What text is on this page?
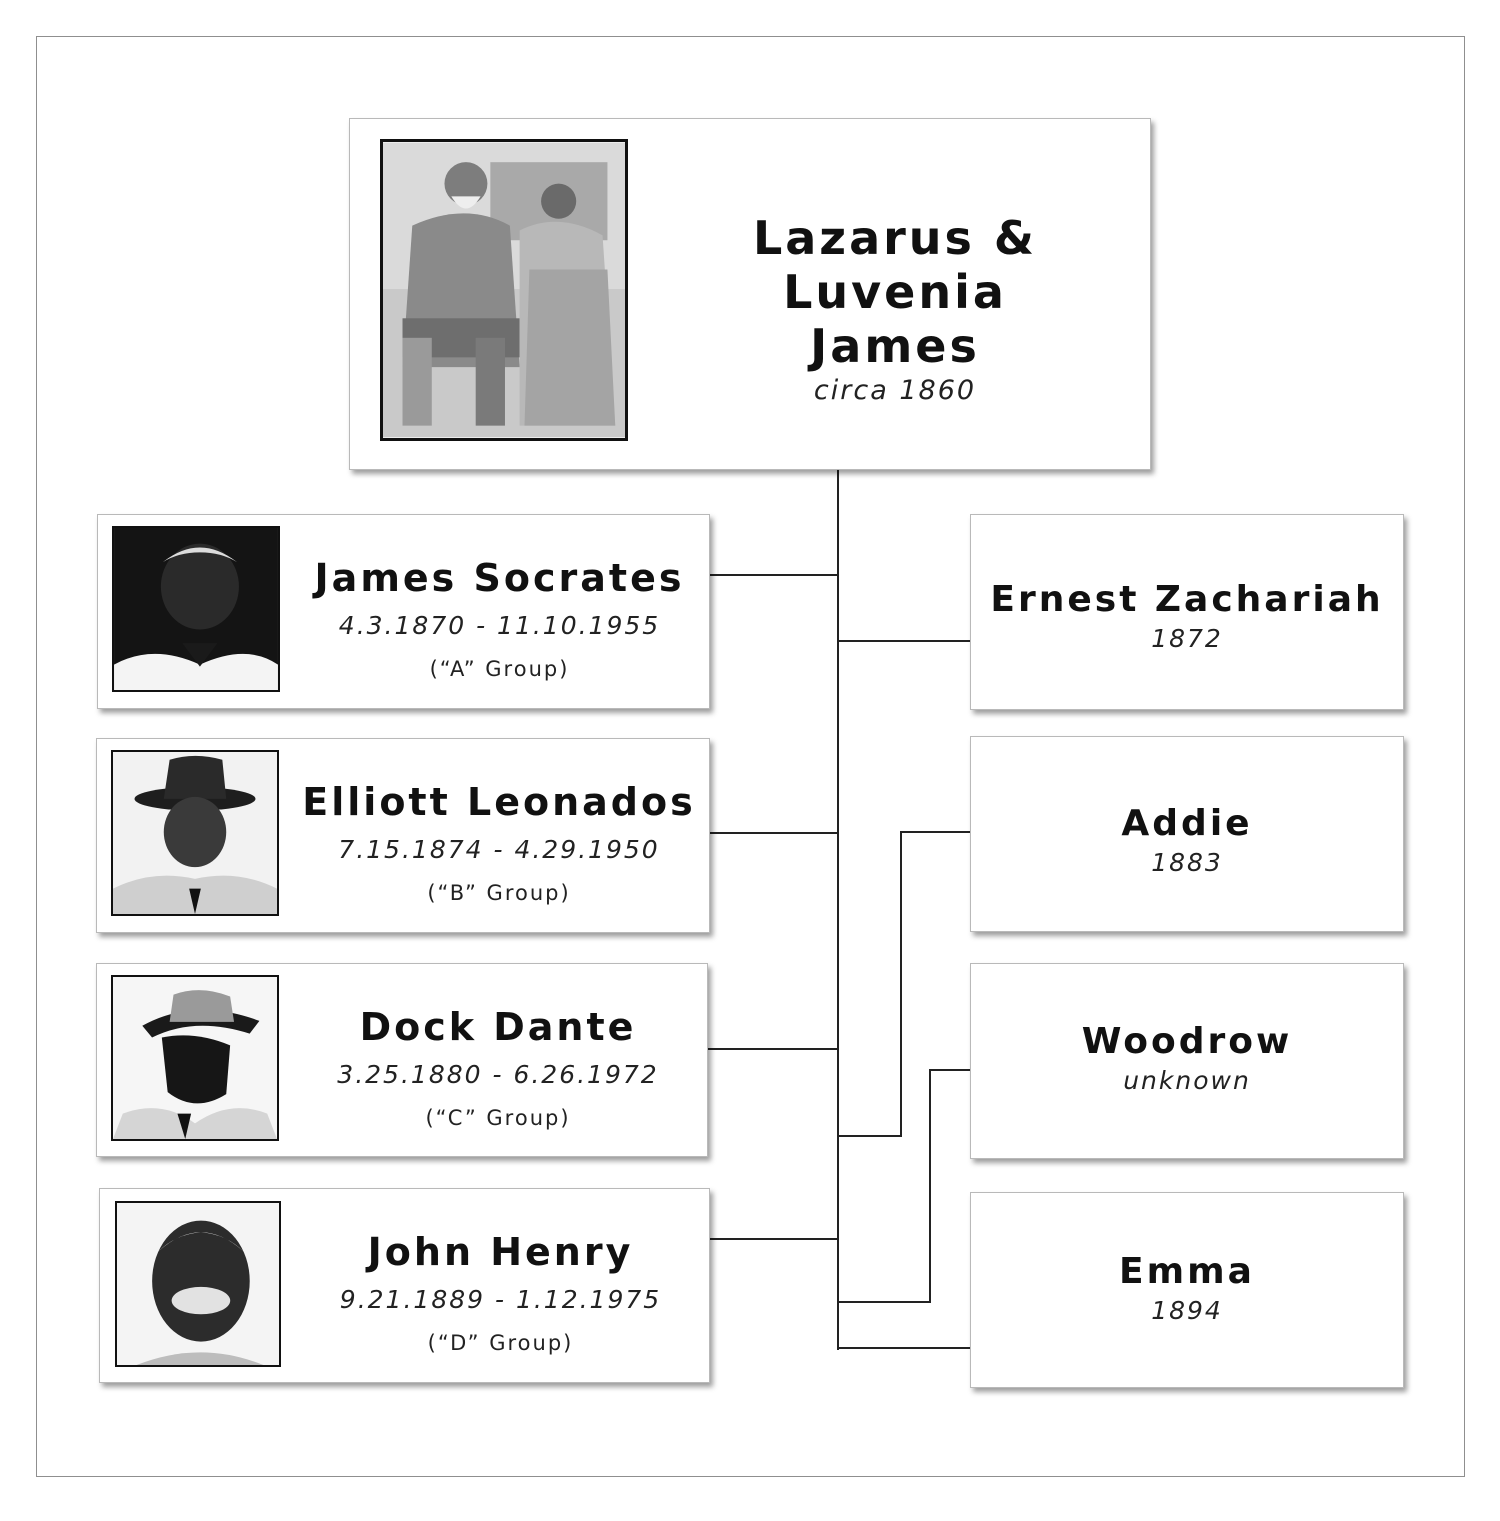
Lazarus & Luvenia
James
circa 1860
James Socrates
4.3.1870 - 11.10.1955
(“A” Group)
Elliott Leonados
7.15.1874 - 4.29.1950
(“B” Group)
Dock Dante
3.25.1880 - 6.26.1972
(“C” Group)
John Henry
9.21.1889 - 1.12.1975
(“D” Group)
Ernest Zachariah
1872
Addie
1883
Woodrow
unknown
Emma
1894
